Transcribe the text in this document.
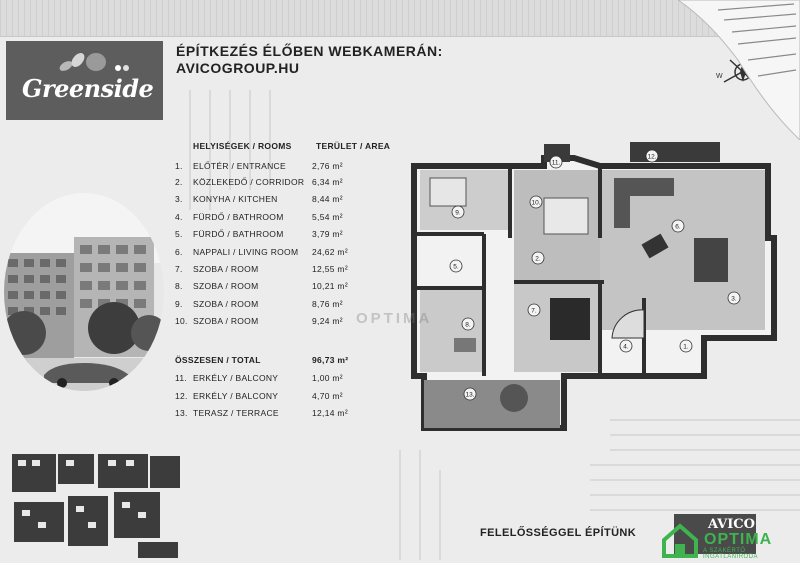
Greenside
ÉPÍTKEZÉS ÉLŐBEN WEBKAMERÁN:
AVICOGROUP.HU
HELYISÉGEK / ROOMS	TERÜLET / AREA
1.	ELŐTÉR / ENTRANCE	2,76 m²
2.	KÖZLEKEDŐ / CORRIDOR 6,34 m²
3.	KONYHA / KITCHEN	8,44 m²
4.	FÜRDŐ / BATHROOM	5,54 m²
5.	FÜRDŐ / BATHROOM	3,79 m²
6.	NAPPALI / LIVING ROOM 24,62 m²
7.	SZOBA / ROOM	12,55 m²
8.	SZOBA / ROOM	10,21 m²
9.	SZOBA / ROOM	8,76 m²
10. SZOBA / ROOM	9,24 m²
ÖSSZESEN / TOTAL	96,73 m²
11. ERKÉLY / BALCONY	1,00 m²
12. ERKÉLY / BALCONY	4,70 m²
13. TERASZ / TERRACE	12,14 m²
1.
2.
3.
4.
5.
6.
7.
8.
9.
10.
11.
12.
13.
OPTIMA
W
FELELŐSSÉGGEL ÉPÍTÜNK
AVICO
OPTIMA
A SZAKÉRTŐ INGATLANIRODA
